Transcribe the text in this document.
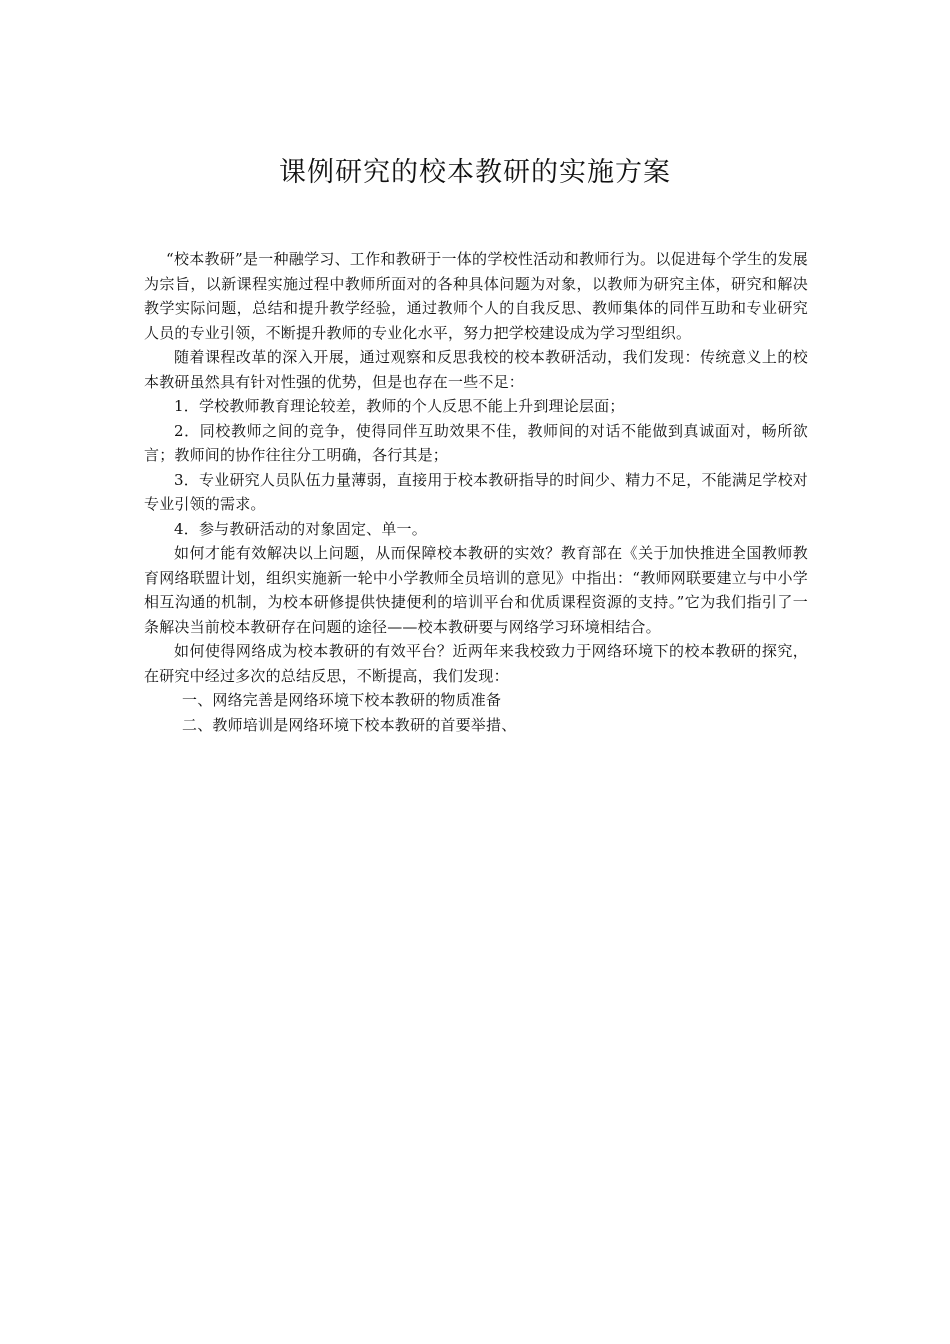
课例研究的校本教研的实施方案

“校本教研”是一种融学习、工作和教研于一体的学校性活动和教师行为。以促进每个学生的发展为宗旨，以新课程实施过程中教师所面对的各种具体问题为对象，以教师为研究主体，研究和解决教学实际问题，总结和提升教学经验，通过教师个人的自我反思、教师集体的同伴互助和专业研究人员的专业引领，不断提升教师的专业化水平，努力把学校建设成为学习型组织。

随着课程改革的深入开展，通过观察和反思我校的校本教研活动，我们发现：传统意义上的校本教研虽然具有针对性强的优势，但是也存在一些不足：

1．学校教师教育理论较差，教师的个人反思不能上升到理论层面；

2．同校教师之间的竞争，使得同伴互助效果不佳，教师间的对话不能做到真诚面对，畅所欲言；教师间的协作往往分工明确，各行其是；

3．专业研究人员队伍力量薄弱，直接用于校本教研指导的时间少、精力不足，不能满足学校对专业引领的需求。

4．参与教研活动的对象固定、单一。

如何才能有效解决以上问题，从而保障校本教研的实效？教育部在《关于加快推进全国教师教育网络联盟计划，组织实施新一轮中小学教师全员培训的意见》中指出：“教师网联要建立与中小学相互沟通的机制，为校本研修提供快捷便利的培训平台和优质课程资源的支持。”它为我们指引了一条解决当前校本教研存在问题的途径——校本教研要与网络学习环境相结合。

如何使得网络成为校本教研的有效平台？近两年来我校致力于网络环境下的校本教研的探究，在研究中经过多次的总结反思，不断提高，我们发现：

一、网络完善是网络环境下校本教研的物质准备

二、教师培训是网络环境下校本教研的首要举措、
